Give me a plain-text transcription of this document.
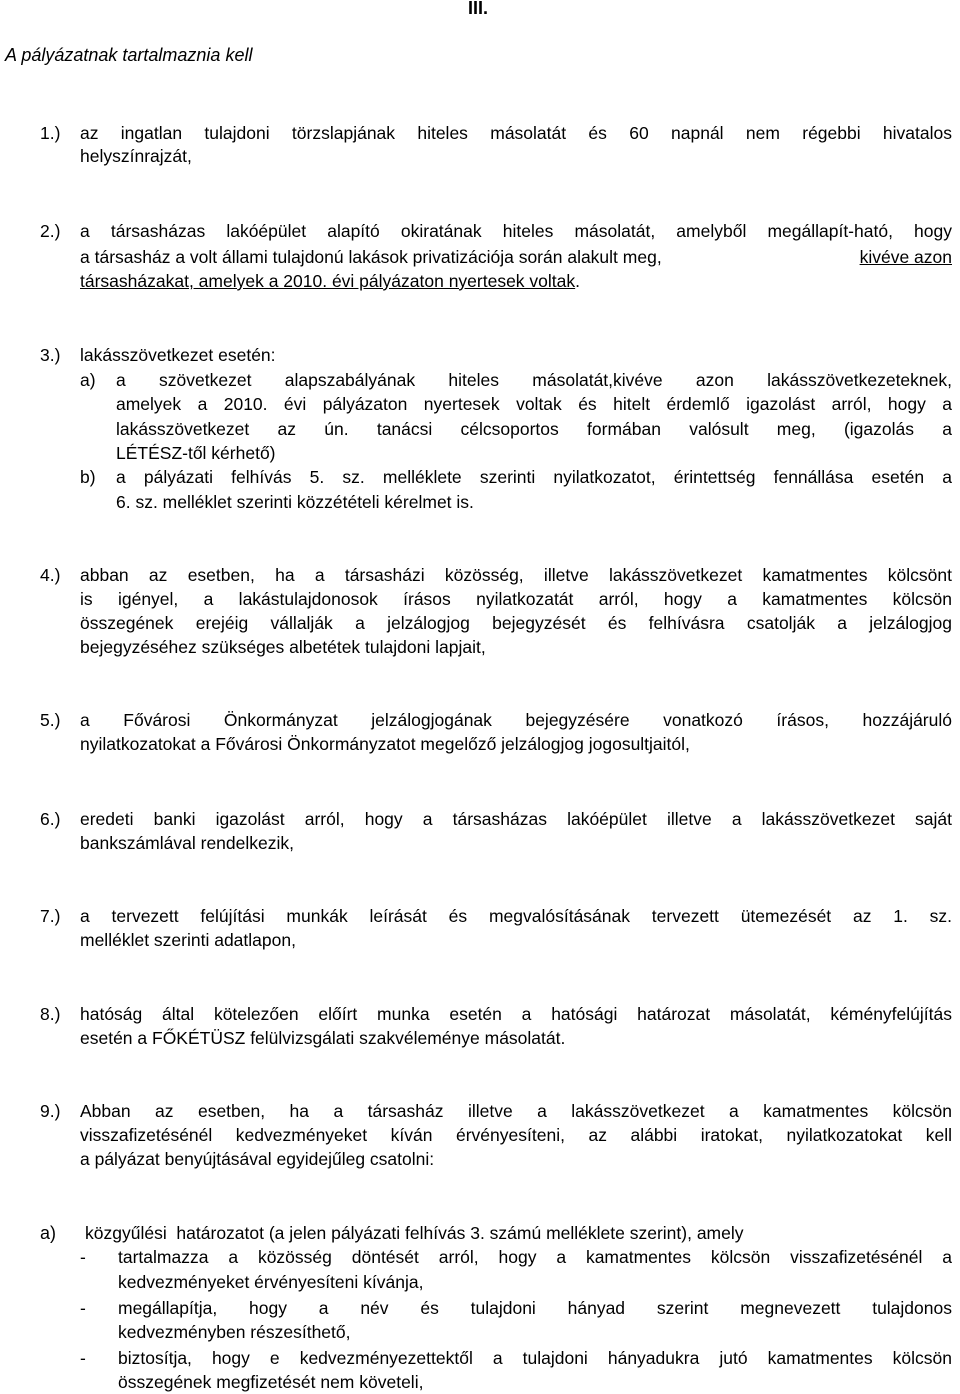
III.
A pályázatnak tartalmaznia kell
1.) az ingatlan tulajdoni törzslapjának hiteles másolatát és 60 napnál nem régebbi hivatalos
helyszínrajzát,
2.) a társasházas lakóépület alapító okiratának hiteles másolatát, amelyből megállapít-ható, hogy
a társasház a volt állami tulajdonú lakások privatizációja során alakult meg,	kivéve azon
társasházakat, amelyek a 2010. évi pályázaton nyertesek voltak.
3.) lakásszövetkezet esetén:
a) a szövetkezet alapszabályának hiteles másolatát,kivéve azon lakásszövetkezeteknek,
amelyek a 2010. évi pályázaton nyertesek voltak és hitelt érdemlő igazolást arról, hogy a
lakásszövetkezet az ún. tanácsi célcsoportos formában valósult meg, (igazolás a
LÉTÉSZ-től kérhető)
b) a pályázati felhívás 5. sz. melléklete szerinti nyilatkozatot, érintettség fennállása esetén a
6. sz. melléklet szerinti közzétételi kérelmet is.
4.) abban az esetben, ha a társasházi közösség, illetve lakásszövetkezet kamatmentes kölcsönt
is igényel, a lakástulajdonosok írásos nyilatkozatát arról, hogy a kamatmentes kölcsön
összegének erejéig vállalják a jelzálogjog bejegyzését és felhívásra csatolják a jelzálogjog
bejegyzéséhez szükséges albetétek tulajdoni lapjait,
5.) a Fővárosi Önkormányzat jelzálogjogának bejegyzésére vonatkozó írásos, hozzájáruló
nyilatkozatokat a Fővárosi Önkormányzatot megelőző jelzálogjog jogosultjaitól,
6.) eredeti banki igazolást arról, hogy a társasházas lakóépület illetve a lakásszövetkezet saját
bankszámlával rendelkezik,
7.) a tervezett felújítási munkák leírását és megvalósításának tervezett ütemezését az 1. sz.
melléklet szerinti adatlapon,
8.) hatóság által kötelezően előírt munka esetén a hatósági határozat másolatát, kéményfelújítás
esetén a FŐKÉTÜSZ felülvizsgálati szakvéleménye másolatát.
9.) Abban az esetben, ha a társasház illetve a lakásszövetkezet a kamatmentes kölcsön
visszafizetésénél kedvezményeket kíván érvényesíteni, az alábbi iratokat, nyilatkozatokat kell
a pályázat benyújtásával egyidejűleg csatolni:
a) közgyűlési  határozatot (a jelen pályázati felhívás 3. számú melléklete szerint), amely
- tartalmazza a közösség döntését arról, hogy a kamatmentes kölcsön visszafizetésénél a
kedvezményeket érvényesíteni kívánja,
- megállapítja, hogy a név és tulajdoni hányad szerint megnevezett tulajdonos
kedvezményben részesíthető,
- biztosítja, hogy e kedvezményezettektől a tulajdoni hányadukra jutó kamatmentes kölcsön
összegének megfizetését nem követeli,
